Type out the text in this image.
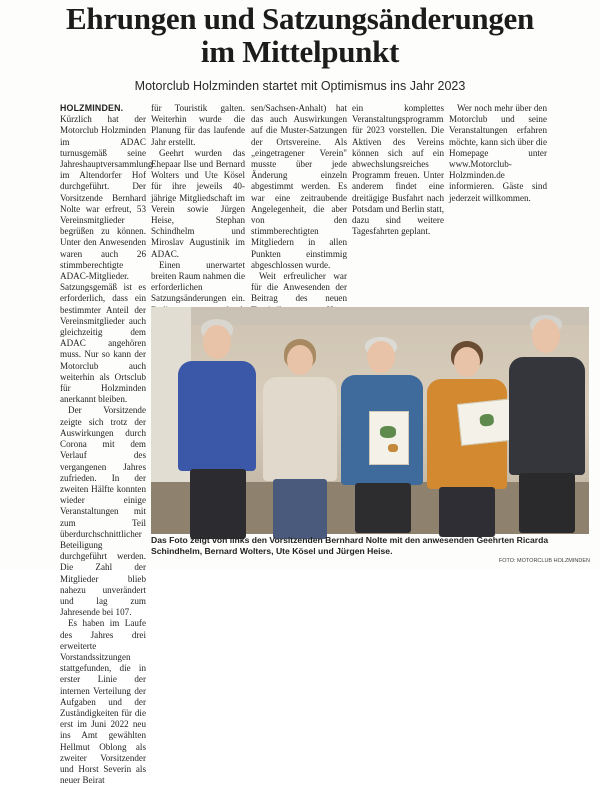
Ehrungen und Satzungsänderungen
im Mittelpunkt
Motorclub Holzminden startet mit Optimismus ins Jahr 2023

HOLZMINDEN. Kürzlich hat der Motorclub Holzminden im ADAC turnusgemäß seine Jahreshauptversammlung im Altendorfer Hof durchgeführt. Der Vorsitzende Bernhard Nolte war erfreut, 53 Vereinsmitglieder begrüßen zu können. Unter den Anwesenden waren auch 26 stimmberechtigte ADAC-Mitglieder. Satzungsgemäß ist es erforderlich, dass ein bestimmter Anteil der Vereinsmitglieder auch gleichzeitig dem ADAC angehören muss. Nur so kann der Motorclub auch weiterhin als Ortsclub für Holzminden anerkannt bleiben.

Der Vorsitzende zeigte sich trotz der Auswirkungen durch Corona mit dem Verlauf des vergangenen Jahres zufrieden. In der zweiten Hälfte konnten wieder einige Veranstaltungen mit zum Teil überdurchschnittlicher Beteiligung durchgeführt werden. Die Zahl der Mitglieder blieb nahezu unverändert und lag zum Jahresende bei 107.

Es haben im Laufe des Jahres drei erweiterte Vorstandssitzungen stattgefunden, die in erster Linie der internen Verteilung der Aufgaben und der Zuständigkeiten für die erst im Juni 2022 neu ins Amt gewählten Hellmut Oblong als zweiter Vorsitzender und Horst Severin als neuer Beirat

für Touristik galten. Weiterhin wurde die Planung für das laufende Jahr erstellt.

Geehrt wurden das Ehepaar Ilse und Bernard Wolters und Ute Kösel für ihre jeweils 40-jährige Mitgliedschaft im Verein sowie Jürgen Heise, Stephan Schindhelm und Miroslav Augustinik im ADAC.

Einen unerwartet breiten Raum nahmen die erforderlichen Satzungsänderungen ein.

sen/Sachsen-Anhalt) hat das auch Auswirkungen auf die Muster-Satzungen der Ortsvereine. Als „eingetragener Verein" musste über jede Änderung einzeln abgestimmt werden. Es war eine zeitraubende Angelegenheit, die aber von den stimmberechtigten Mitgliedern in allen Punkten einstimmig abgeschlossen wurde.

Weit erfreulicher war für die Anwesenden der Beitrag des neuen

ein komplettes Veranstaltungsprogramm für 2023 vorstellen. Die Aktiven des Vereins können sich auf ein abwechslungsreiches Programm freuen. Unter anderem findet eine dreitägige Busfahrt nach Potsdam und Berlin statt, dazu sind weitere Tagesfahrten geplant.

Wer noch mehr über den Motorclub und seine Veranstaltungen erfahren möchte, kann sich über die Homepage unter www.Motorclub-Holzminden.de informieren. Gäste sind jederzeit willkommen.

Das Foto zeigt von links den Vorsitzenden Bernhard Nolte mit den anwesenden Geehrten Ricarda Schindhelm, Bernard Wolters, Ute Kösel und Jürgen Heise.
FOTO: MOTORCLUB HOLZMINDEN
